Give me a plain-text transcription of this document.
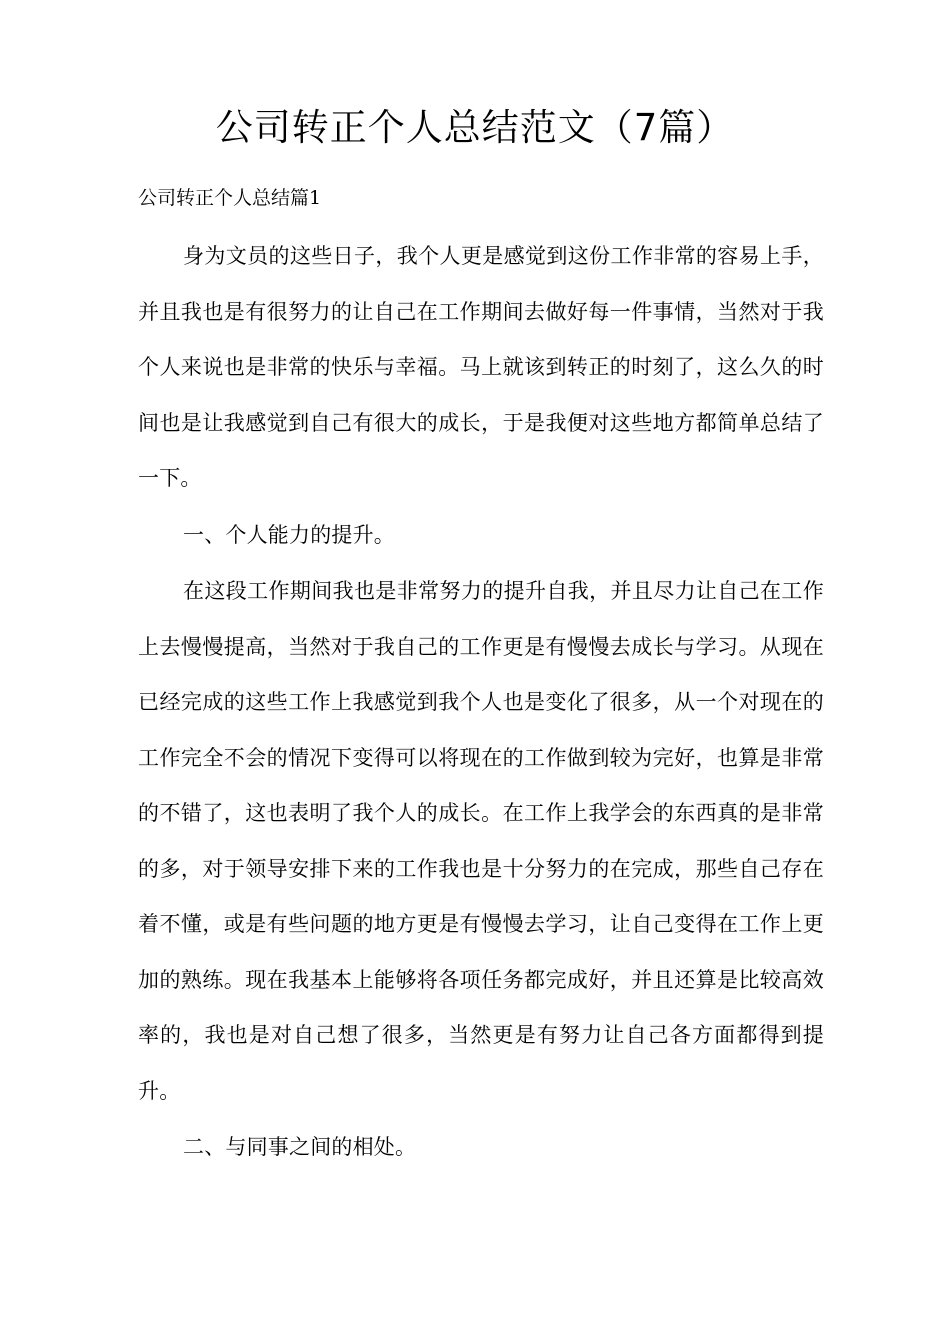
公司转正个人总结范文（7篇）
公司转正个人总结篇1

身为文员的这些日子，我个人更是感觉到这份工作非常的容易上手，并且我也是有很努力的让自己在工作期间去做好每一件事情，当然对于我个人来说也是非常的快乐与幸福。马上就该到转正的时刻了，这么久的时间也是让我感觉到自己有很大的成长，于是我便对这些地方都简单总结了一下。

一、个人能力的提升。

在这段工作期间我也是非常努力的提升自我，并且尽力让自己在工作上去慢慢提高，当然对于我自己的工作更是有慢慢去成长与学习。从现在已经完成的这些工作上我感觉到我个人也是变化了很多，从一个对现在的工作完全不会的情况下变得可以将现在的工作做到较为完好，也算是非常的不错了，这也表明了我个人的成长。在工作上我学会的东西真的是非常的多，对于领导安排下来的工作我也是十分努力的在完成，那些自己存在着不懂，或是有些问题的地方更是有慢慢去学习，让自己变得在工作上更加的熟练。现在我基本上能够将各项任务都完成好，并且还算是比较高效率的，我也是对自己想了很多，当然更是有努力让自己各方面都得到提升。

二、与同事之间的相处。
